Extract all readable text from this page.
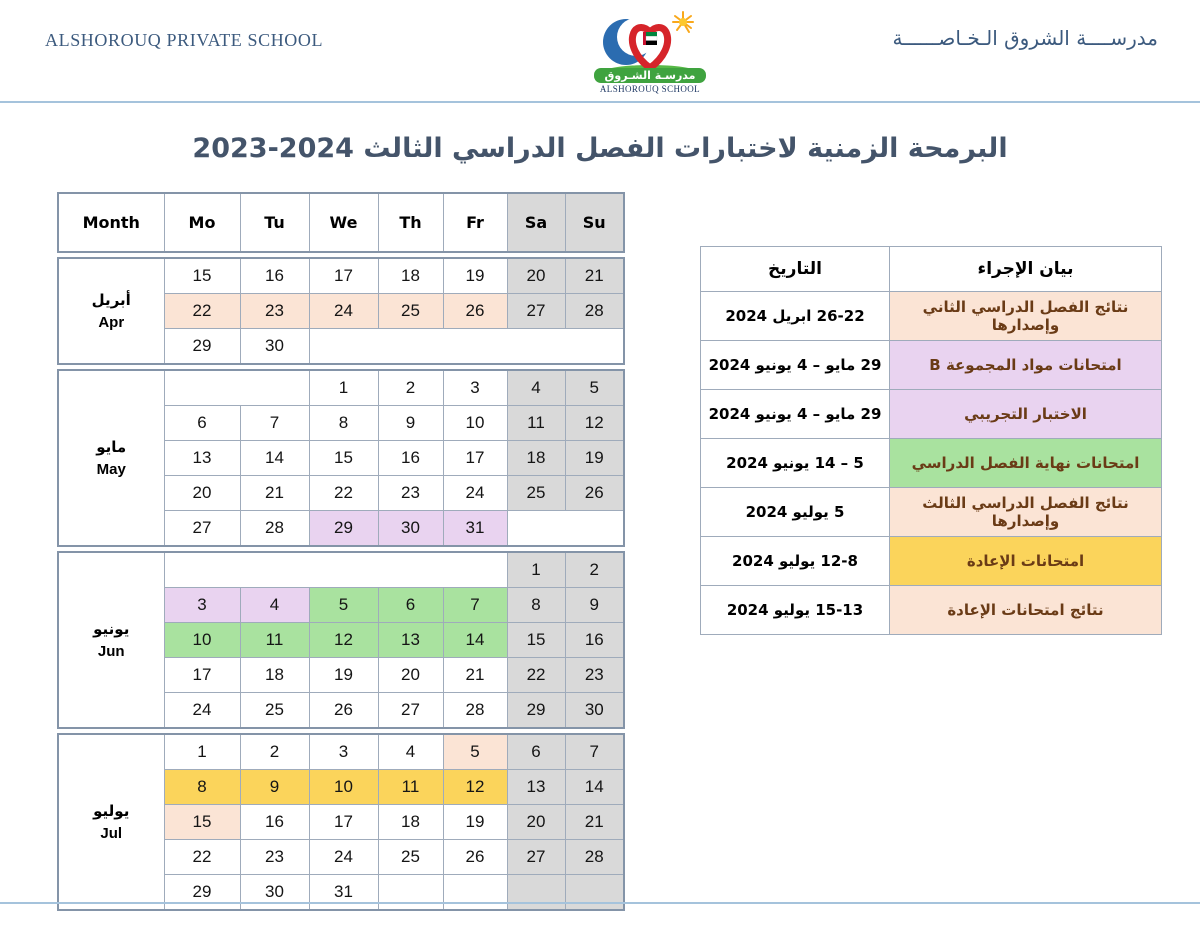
ALSHOROUQ PRIVATE SCHOOL
مدرسـة الشـروق
ALSHOROUQ SCHOOL
مدرســــة الشروق الـخـاصــــــة
البرمحة الزمنية لاختبارات الفصل الدراسي الثالث 2024-2023
Month	Mo	Tu	We	Th	Fr	Sa	Su
أبريل
Apr	15	16	17	18	19	20	21
	22	23	24	25	26	27	28
	29	30					
مايو
May			1	2	3	4	5
	6	7	8	9	10	11	12
	13	14	15	16	17	18	19
	20	21	22	23	24	25	26
	27	28	29	30	31		
يونيو
Jun						1	2
	3	4	5	6	7	8	9
	10	11	12	13	14	15	16
	17	18	19	20	21	22	23
	24	25	26	27	28	29	30
يوليو
Jul	1	2	3	4	5	6	7
	8	9	10	11	12	13	14
	15	16	17	18	19	20	21
	22	23	24	25	26	27	28
	29	30	31				
التاريخ	بيان الإجراء
26-22 ابريل 2024	نتائج الفصل الدراسي الثاني وإصدارها
29 مايو – 4 يونيو 2024	امتحانات مواد المجموعة B
29 مايو – 4 يونيو 2024	الاختبار التجريبي
5 – 14 يونيو 2024	امتحانات نهاية الفصل الدراسي
5 يوليو 2024	نتائج الفصل الدراسي الثالث وإصدارها
12-8 يوليو 2024	امتحانات الإعادة
15-13 يوليو 2024	نتائج امتحانات الإعادة
